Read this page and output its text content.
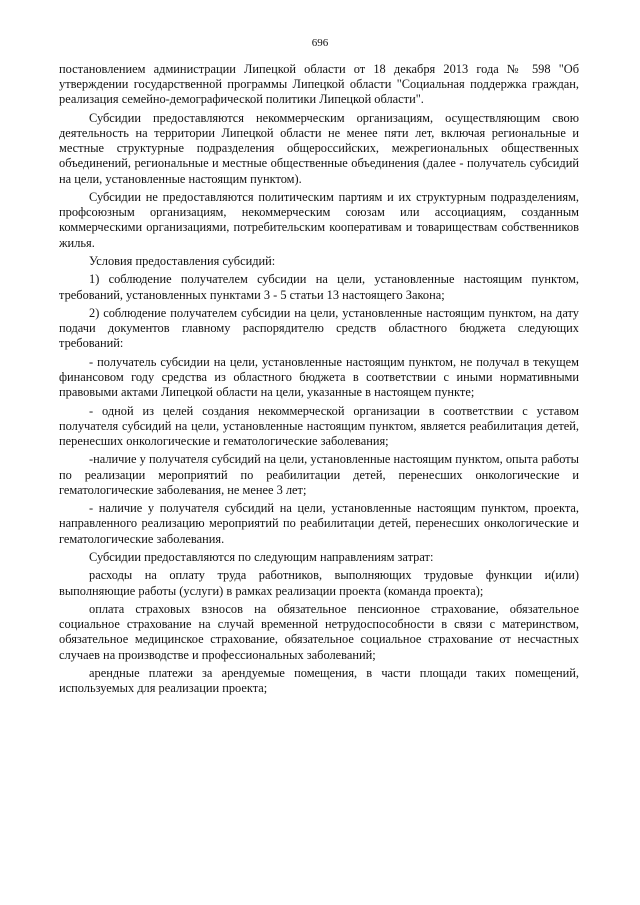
696

постановлением администрации Липецкой области от 18 декабря 2013 года № 598 "Об утверждении государственной программы Липецкой области "Социальная поддержка граждан, реализация семейно-демографической политики Липецкой области".

Субсидии предоставляются некоммерческим организациям, осуществляющим свою деятельность на территории Липецкой области не менее пяти лет, включая региональные и местные структурные подразделения общероссийских, межрегиональных общественных объединений, региональные и местные общественные объединения (далее - получатель субсидий на цели, установленные настоящим пунктом).

Субсидии не предоставляются политическим партиям и их структурным подразделениям, профсоюзным организациям, некоммерческим союзам или ассоциациям, созданным коммерческими организациями, потребительским кооперативам и товариществам собственников жилья.

Условия предоставления субсидий:

1) соблюдение получателем субсидии на цели, установленные настоящим пунктом, требований, установленных пунктами 3 - 5 статьи 13 настоящего Закона;

2) соблюдение получателем субсидии на цели, установленные настоящим пунктом, на дату подачи документов главному распорядителю средств областного бюджета следующих требований:

- получатель субсидии на цели, установленные настоящим пунктом, не получал в текущем финансовом году средства из областного бюджета в соответствии с иными нормативными правовыми актами Липецкой области на цели, указанные в настоящем пункте;

- одной из целей создания некоммерческой организации в соответствии с уставом получателя субсидий на цели, установленные настоящим пунктом, является реабилитация детей, перенесших онкологические и гематологические заболевания;

-наличие у получателя субсидий на цели, установленные настоящим пунктом, опыта работы по реализации мероприятий по реабилитации детей, перенесших онкологические и гематологические заболевания, не менее 3 лет;

- наличие у получателя субсидий на цели, установленные настоящим пунктом, проекта, направленного реализацию мероприятий по реабилитации детей, перенесших онкологические и гематологические заболевания.

Субсидии предоставляются по следующим направлениям затрат:

расходы на оплату труда работников, выполняющих трудовые функции и(или) выполняющие работы (услуги) в рамках реализации проекта (команда проекта);

оплата страховых взносов на обязательное пенсионное страхование, обязательное социальное страхование на случай временной нетрудоспособности в связи с материнством, обязательное медицинское страхование, обязательное социальное страхование от несчастных случаев на производстве и профессиональных заболеваний;

арендные платежи за арендуемые помещения, в части площади таких помещений, используемых для реализации проекта;
